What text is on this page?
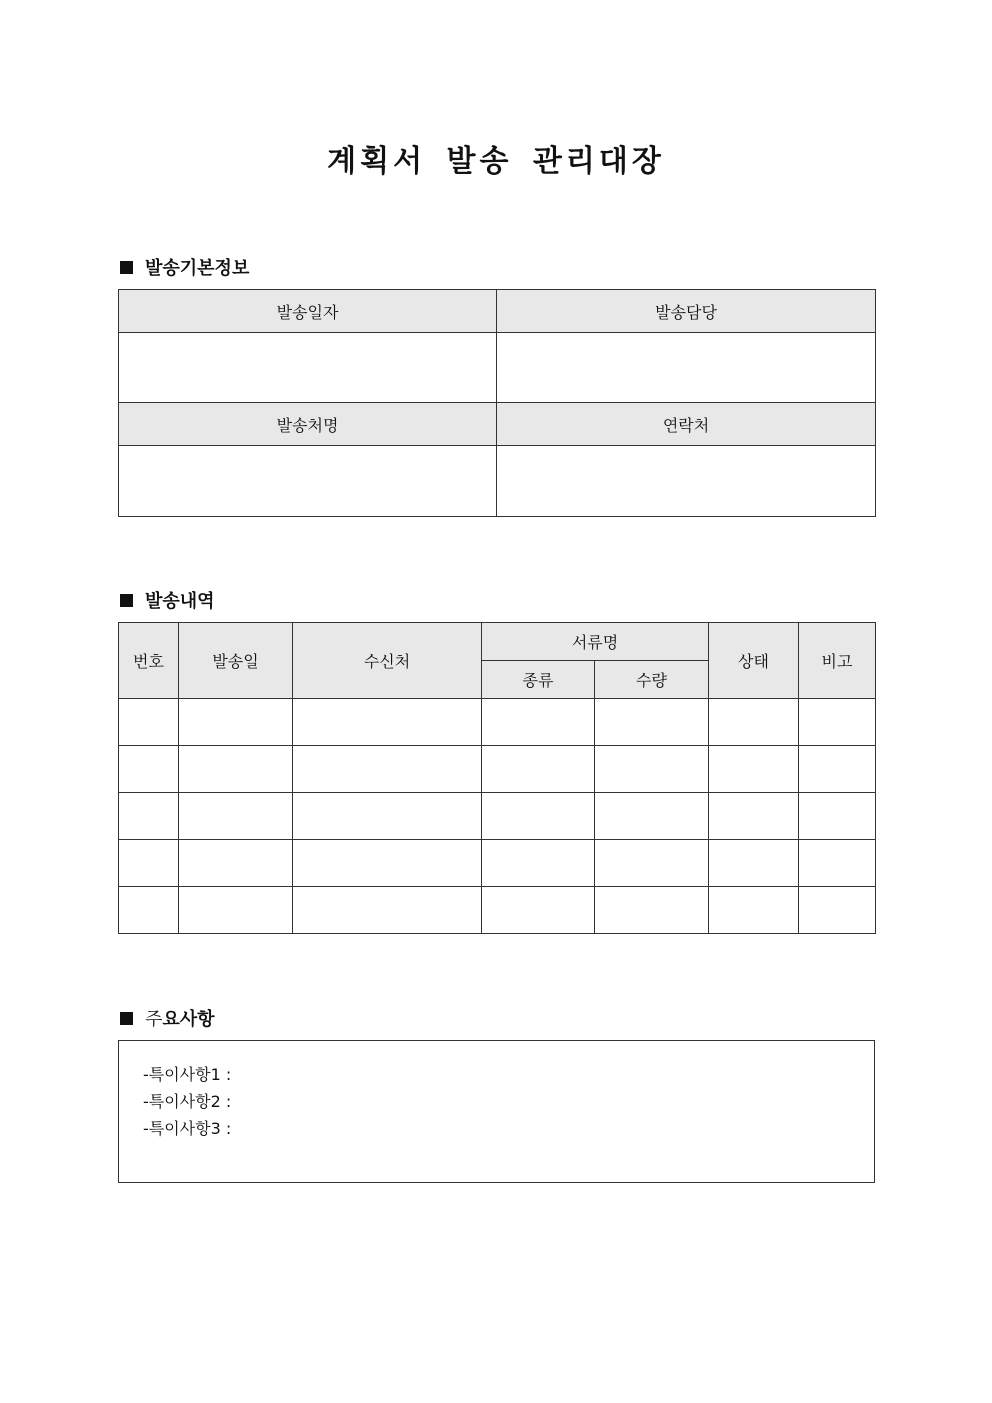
계획서 발송 관리대장
발송기본정보
발송일자	발송담당

발송처명	연락처

발송내역
번호	발송일	수신처	서류명		상태	비고
			종류	수량		

주 요사항
-특이사항1 :
-특이사항2 :
-특이사항3 :
